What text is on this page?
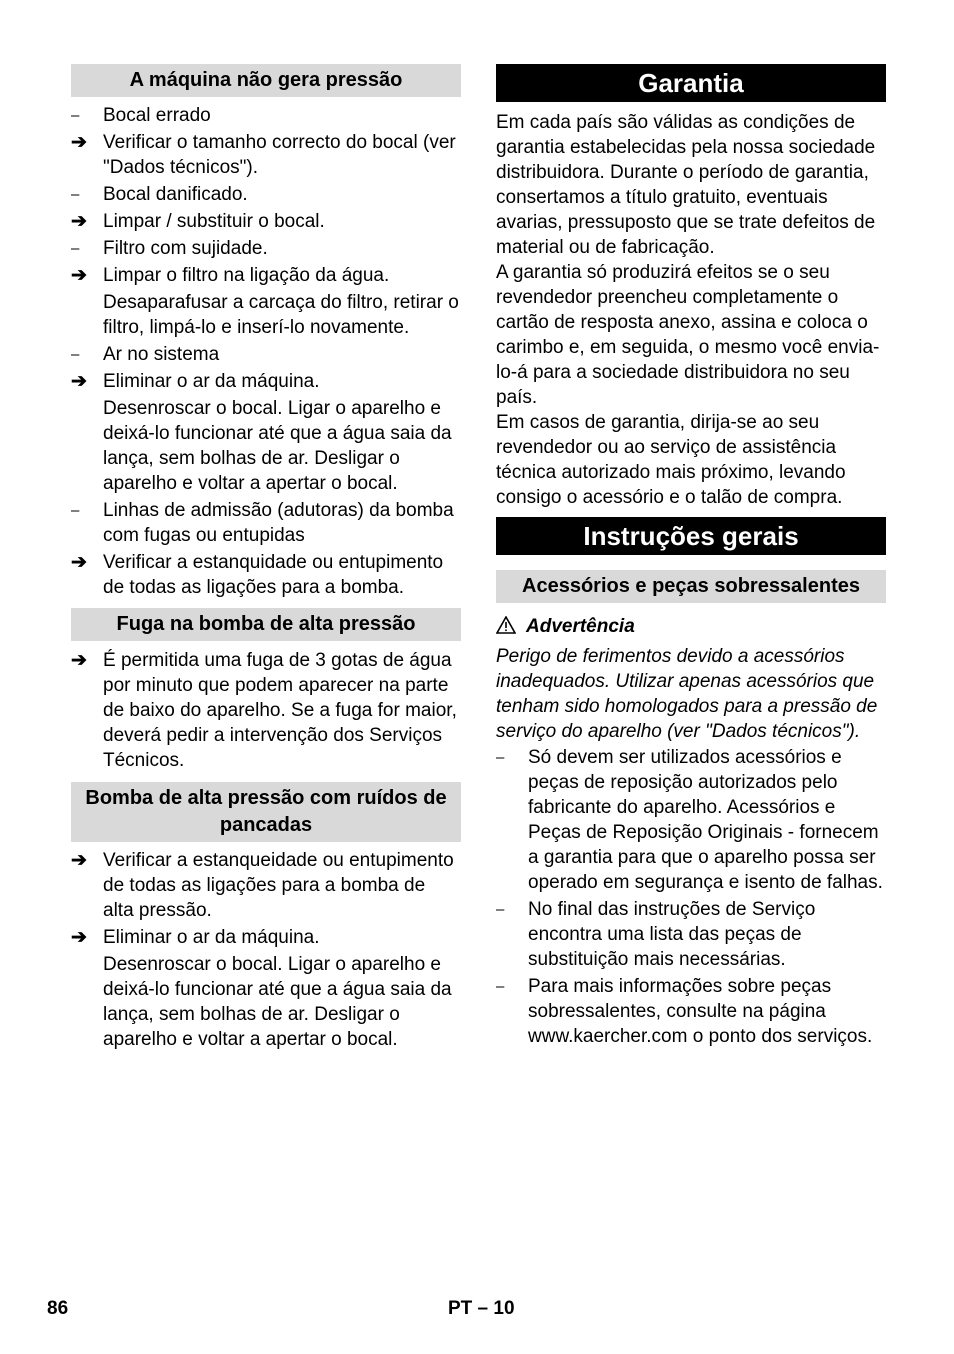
A máquina não gera pressão
– Bocal errado
➔ Verificar o tamanho correcto do bocal (ver "Dados técnicos").
– Bocal danificado.
➔ Limpar / substituir o bocal.
– Filtro com sujidade.
➔ Limpar o filtro na ligação da água.
Desaparafusar a carcaça do filtro, retirar o filtro, limpá-lo e inserí-lo novamente.
– Ar no sistema
➔ Eliminar o ar da máquina.
Desenroscar o bocal. Ligar o aparelho e deixá-lo funcionar até que a água saia da lança, sem bolhas de ar. Desligar o aparelho e voltar a apertar o bocal.
– Linhas de admissão (adutoras) da bomba com fugas ou entupidas
➔ Verificar a estanquidade ou entupimento de todas as ligações para a bomba.
Fuga na bomba de alta pressão
➔ É permitida uma fuga de 3 gotas de água por minuto que podem aparecer na parte de baixo do aparelho. Se a fuga for maior, deverá pedir a intervenção dos Serviços Técnicos.
Bomba de alta pressão com ruídos de pancadas
➔ Verificar a estanqueidade ou entupimento de todas as ligações para a bomba de alta pressão.
➔ Eliminar o ar da máquina.
Desenroscar o bocal. Ligar o aparelho e deixá-lo funcionar até que a água saia da lança, sem bolhas de ar. Desligar o aparelho e voltar a apertar o bocal.
Garantia

Em cada país são válidas as condições de garantia estabelecidas pela nossa sociedade distribuidora. Durante o período de garantia, consertamos a título gratuito, eventuais avarias, pressuposto que se trate defeitos de material ou de fabricação.

A garantia só produzirá efeitos se o seu revendedor preencheu completamente o cartão de resposta anexo, assina e coloca o carimbo e, em seguida, o mesmo você envia-lo-á para a sociedade distribuidora no seu país.

Em casos de garantia, dirija-se ao seu revendedor ou ao serviço de assistência técnica autorizado mais próximo, levando consigo o acessório e o talão de compra.

Instruções gerais
Acessórios e peças sobressalentes
Advertência

Perigo de ferimentos devido a acessórios inadequados. Utilizar apenas acessórios que tenham sido homologados para a pressão de serviço do aparelho (ver "Dados técnicos").

– Só devem ser utilizados acessórios e peças de reposição autorizados pelo fabricante do aparelho. Acessórios e Peças de Reposição Originais - fornecem a garantia para que o aparelho possa ser operado em segurança e isento de falhas.
– No final das instruções de Serviço encontra uma lista das peças de substituição mais necessárias.
– Para mais informações sobre peças sobressalentes, consulte na página www.kaercher.com o ponto dos serviços.
86	PT – 10
